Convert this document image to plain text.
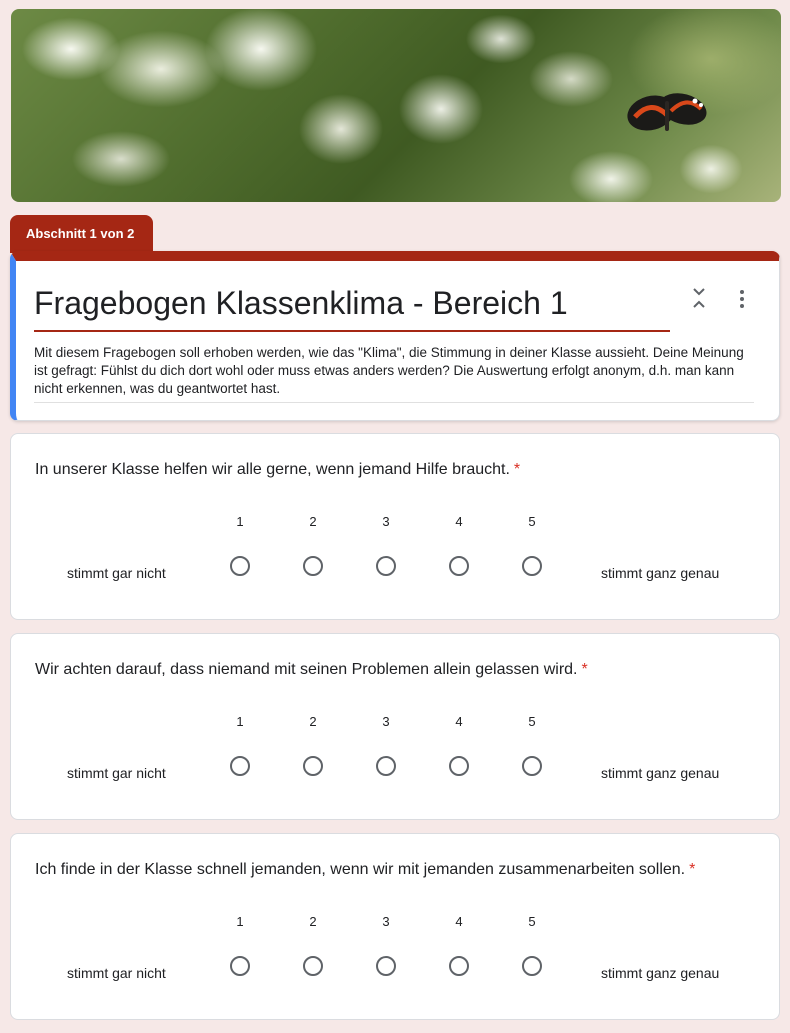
Abschnitt 1 von 2
Fragebogen Klassenklima - Bereich 1
Mit diesem Fragebogen soll erhoben werden, wie das "Klima", die Stimmung in deiner Klasse aussieht. Deine Meinung ist gefragt: Fühlst du dich dort wohl oder muss etwas anders werden? Die Auswertung erfolgt anonym, d.h. man kann nicht erkennen, was du geantwortet hast.
In unserer Klasse helfen wir alle gerne, wenn jemand Hilfe braucht. *
1	2	3	4	5
stimmt gar nicht	stimmt ganz genau
Wir achten darauf, dass niemand mit seinen Problemen allein gelassen wird. *
1	2	3	4	5
stimmt gar nicht	stimmt ganz genau
Ich finde in der Klasse schnell jemanden, wenn wir mit jemanden zusammenarbeiten sollen. *
1	2	3	4	5
stimmt gar nicht	stimmt ganz genau
